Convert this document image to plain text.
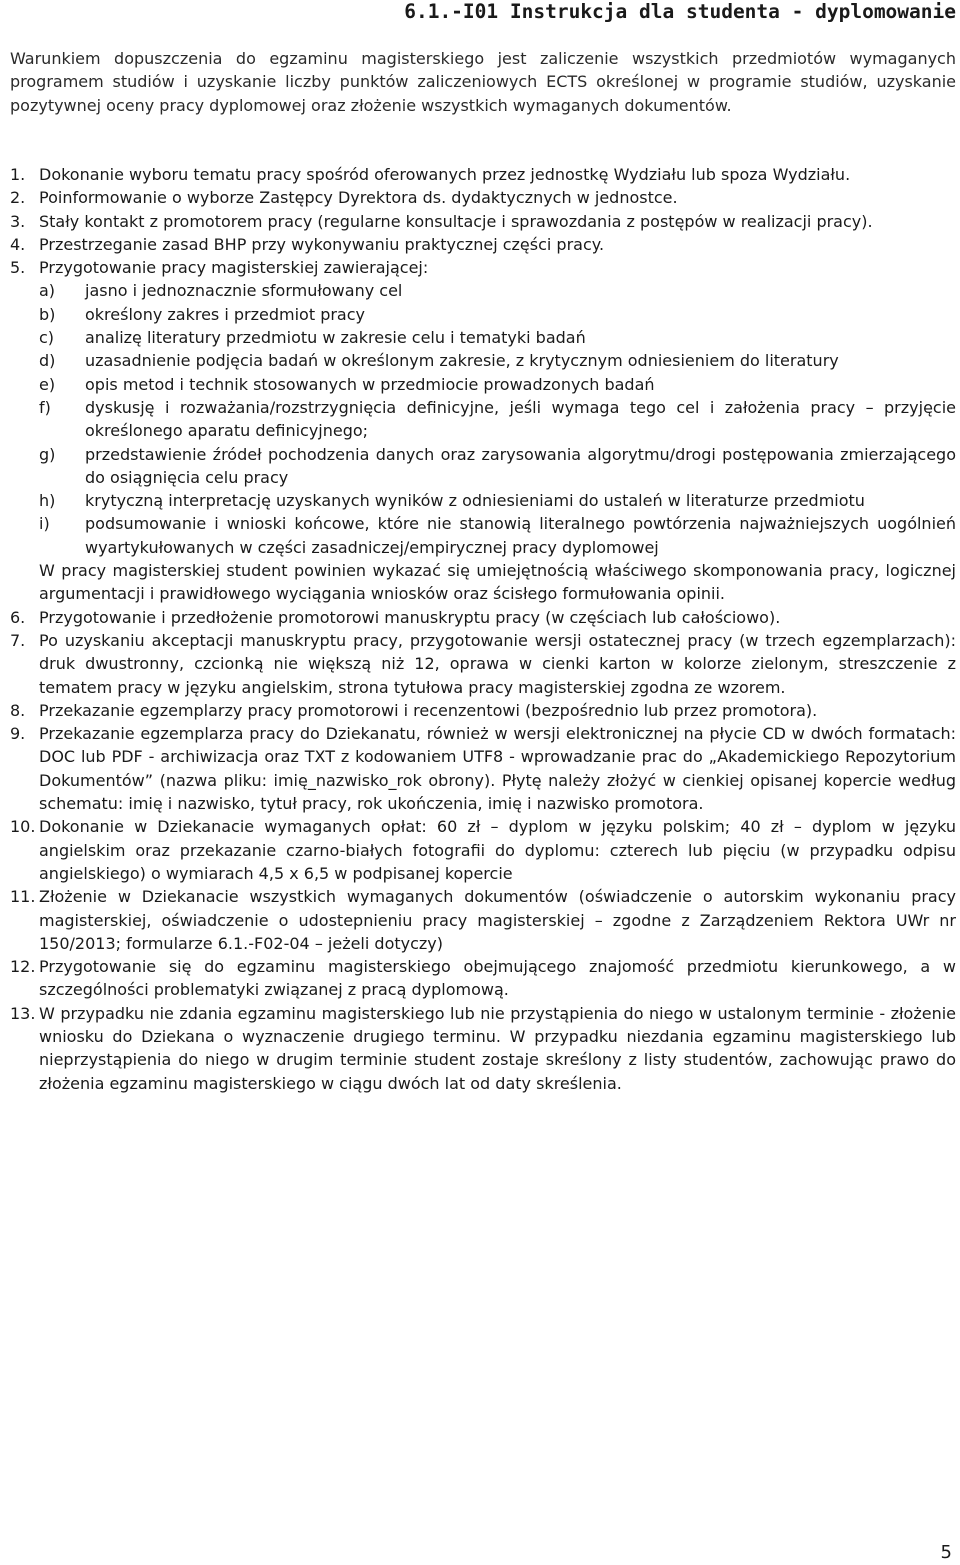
6.1.-I01 Instrukcja dla studenta - dyplomowanie

Warunkiem dopuszczenia do egzaminu magisterskiego jest zaliczenie wszystkich przedmiotów wymaganych programem studiów i uzyskanie liczby punktów zaliczeniowych ECTS określonej w programie studiów, uzyskanie pozytywnej oceny pracy dyplomowej oraz złożenie wszystkich wymaganych dokumentów.

1. Dokonanie wyboru tematu pracy spośród oferowanych przez jednostkę Wydziału lub spoza Wydziału.
2. Poinformowanie o wyborze Zastępcy Dyrektora ds. dydaktycznych w jednostce.
3. Stały kontakt z promotorem pracy (regularne konsultacje i sprawozdania z postępów w realizacji pracy).
4. Przestrzeganie zasad BHP przy wykonywaniu praktycznej części pracy.
5. Przygotowanie pracy magisterskiej zawierającej:
a)	jasno i jednoznacznie sformułowany cel
b)	określony zakres i przedmiot pracy
c)	analizę literatury przedmiotu w zakresie celu i tematyki badań
d)	uzasadnienie podjęcia badań w określonym zakresie, z krytycznym odniesieniem do literatury
e)	opis metod i technik stosowanych w przedmiocie prowadzonych badań
f)	dyskusję i rozważania/rozstrzygnięcia definicyjne, jeśli wymaga tego cel i założenia pracy – przyjęcie określonego aparatu definicyjnego;
g)	przedstawienie źródeł pochodzenia danych oraz zarysowania algorytmu/drogi postępowania zmierzającego do osiągnięcia celu pracy
h)	krytyczną interpretację uzyskanych wyników z odniesieniami do ustaleń w literaturze przedmiotu
i)	podsumowanie i wnioski końcowe, które nie stanowią literalnego powtórzenia najważniejszych uogólnień wyartykułowanych w części zasadniczej/empirycznej pracy dyplomowej

W pracy magisterskiej student powinien wykazać się umiejętnością właściwego skomponowania pracy, logicznej argumentacji i prawidłowego wyciągania wniosków oraz ścisłego formułowania opinii.

6. Przygotowanie i przedłożenie promotorowi manuskryptu pracy (w częściach lub całościowo).
7. Po uzyskaniu akceptacji manuskryptu pracy, przygotowanie wersji ostatecznej pracy (w trzech egzemplarzach): druk dwustronny, czcionką nie większą niż 12, oprawa w cienki karton w kolorze zielonym, streszczenie z tematem pracy w języku angielskim, strona tytułowa pracy magisterskiej zgodna ze wzorem.
8. Przekazanie egzemplarzy pracy promotorowi i recenzentowi (bezpośrednio lub przez promotora).
9. Przekazanie egzemplarza pracy do Dziekanatu, również w wersji elektronicznej na płycie CD w dwóch formatach: DOC lub PDF - archiwizacja oraz TXT z kodowaniem UTF8 - wprowadzanie prac do „Akademickiego Repozytorium Dokumentów” (nazwa pliku: imię_nazwisko_rok obrony). Płytę należy złożyć w cienkiej opisanej kopercie według schematu: imię i nazwisko, tytuł pracy, rok ukończenia, imię i nazwisko promotora.
10. Dokonanie w Dziekanacie wymaganych opłat: 60 zł – dyplom w języku polskim; 40 zł – dyplom w języku angielskim oraz przekazanie czarno-białych fotografii do dyplomu: czterech lub pięciu (w przypadku odpisu angielskiego) o wymiarach 4,5 x 6,5 w podpisanej kopercie
11. Złożenie w Dziekanacie wszystkich wymaganych dokumentów (oświadczenie o autorskim wykonaniu pracy magisterskiej, oświadczenie o udostepnieniu pracy magisterskiej – zgodne z Zarządzeniem Rektora UWr nr 150/2013; formularze 6.1.-F02-04 – jeżeli dotyczy)
12. Przygotowanie się do egzaminu magisterskiego obejmującego znajomość przedmiotu kierunkowego, a w szczególności problematyki związanej z pracą dyplomową.
13. W przypadku nie zdania egzaminu magisterskiego lub nie przystąpienia do niego w ustalonym terminie - złożenie wniosku do Dziekana o wyznaczenie drugiego terminu. W przypadku niezdania egzaminu magisterskiego lub nieprzystąpienia do niego w drugim terminie student zostaje skreślony z listy studentów, zachowując prawo do złożenia egzaminu magisterskiego w ciągu dwóch lat od daty skreślenia.
5
